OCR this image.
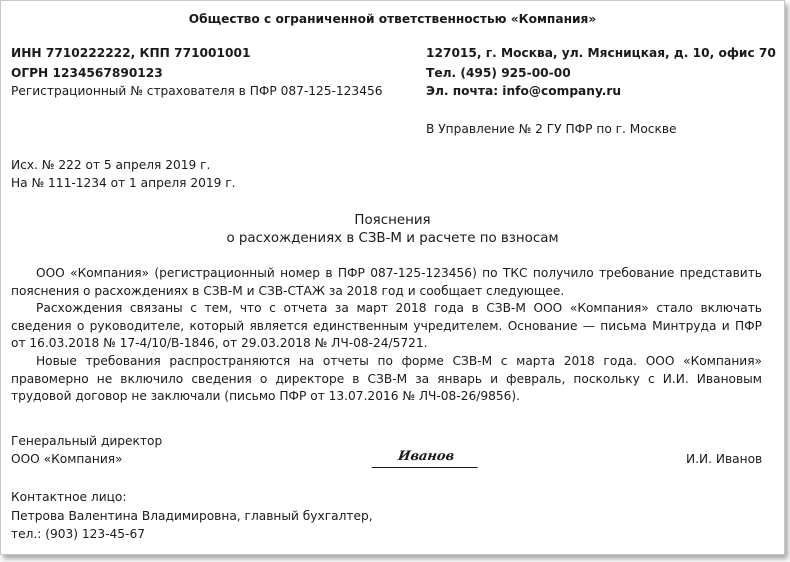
Общество с ограниченной ответственностью «Компания»
ИНН 7710222222, КПП 771001001
ОГРН 1234567890123
Регистрационный № страхователя в ПФР 087-125-123456
127015, г. Москва, ул. Мясницкая, д. 10, офис 70
Тел. (495) 925-00-00
Эл. почта: info@company.ru
В Управление № 2 ГУ ПФР по г. Москве
Исх. № 222 от 5 апреля 2019 г.
На № 111-1234 от 1 апреля 2019 г.
Пояснения
о расхождениях в СЗВ-М и расчете по взносам

ООО «Компания» (регистрационный номер в ПФР 087-125-123456) по ТКС получило требование представить пояснения о расхождениях в СЗВ-М и СЗВ-СТАЖ за 2018 год и сообщает следующее.

Расхождения связаны с тем, что с отчета за март 2018 года в СЗВ-М ООО «Компания» стало включать сведения о руководителе, который является единственным учредителем. Основание — письма Минтруда и ПФР от 16.03.2018 № 17-4/10/В-1846, от 29.03.2018 № ЛЧ-08-24/5721.

Новые требования распространяются на отчеты по форме СЗВ-М с марта 2018 года. ООО «Компания» правомерно не включило сведения о директоре в СЗВ-М за январь и февраль, поскольку с И.И. Ивановым трудовой договор не заключали (письмо ПФР от 13.07.2016 № ЛЧ-08-26/9856).

Генеральный директор
ООО «Компания»	Иванов	И.И. Иванов
Контактное лицо:
Петрова Валентина Владимировна, главный бухгалтер,
тел.: (903) 123-45-67
